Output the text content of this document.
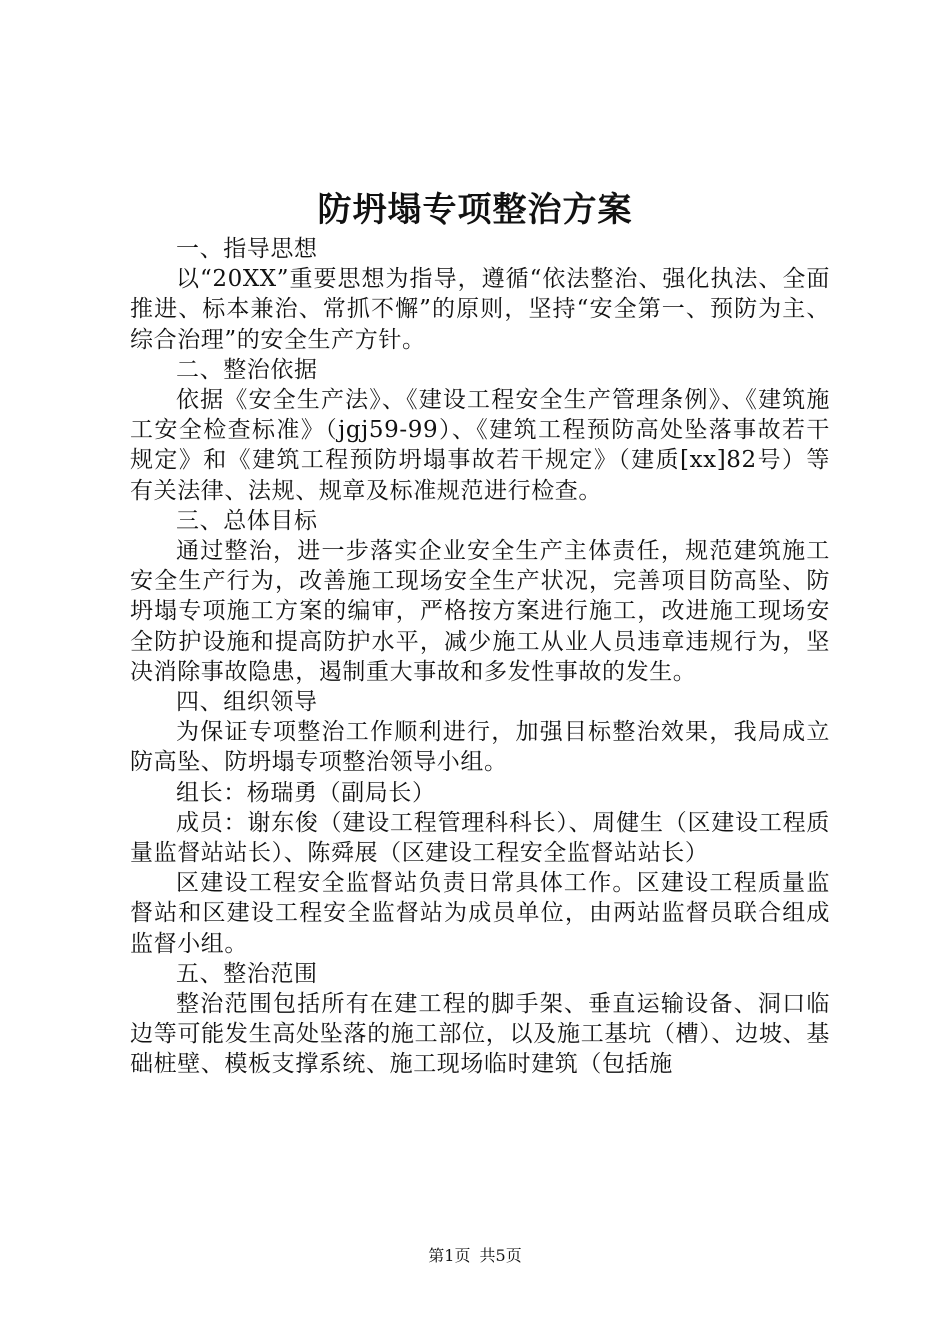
防坍塌专项整治方案

一、指导思想

以“20XX”重要思想为指导，遵循“依法整治、强化执法、全面推进、标本兼治、常抓不懈”的原则，坚持“安全第一、预防为主、综合治理”的安全生产方针。

二、整治依据

依据《安全生产法》、《建设工程安全生产管理条例》、《建筑施工安全检查标准》（jgj59-99）、《建筑工程预防高处坠落事故若干规定》和《建筑工程预防坍塌事故若干规定》（建质[xx]82号）等有关法律、法规、规章及标准规范进行检查。

三、总体目标

通过整治，进一步落实企业安全生产主体责任，规范建筑施工安全生产行为，改善施工现场安全生产状况，完善项目防高坠、防坍塌专项施工方案的编审，严格按方案进行施工，改进施工现场安全防护设施和提高防护水平，减少施工从业人员违章违规行为，坚决消除事故隐患，遏制重大事故和多发性事故的发生。

四、组织领导

为保证专项整治工作顺利进行，加强目标整治效果，我局成立防高坠、防坍塌专项整治领导小组。

组长：杨瑞勇（副局长）

成员：谢东俊（建设工程管理科科长）、周健生（区建设工程质量监督站站长）、陈舜展（区建设工程安全监督站站长）

区建设工程安全监督站负责日常具体工作。区建设工程质量监督站和区建设工程安全监督站为成员单位，由两站监督员联合组成监督小组。

五、整治范围

整治范围包括所有在建工程的脚手架、垂直运输设备、洞口临边等可能发生高处坠落的施工部位，以及施工基坑（槽）、边坡、基础桩壁、模板支撑系统、施工现场临时建筑（包括施

第1页 共5页
